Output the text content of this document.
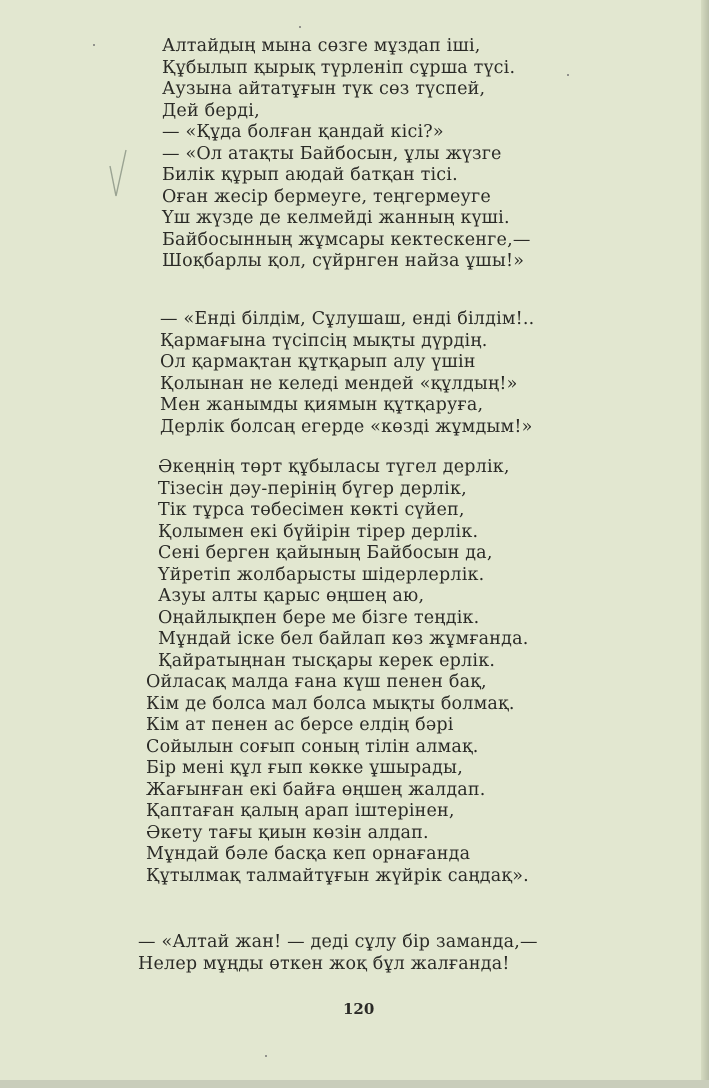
Алтайдың мына сөзге мұздап іші,
Құбылып қырық түрленіп сұрша түсі.
Аузына айтатұғын түк сөз түспей,
Дей берді,
— «Құда болған қандай кісі?»
— «Ол атақты Байбосын, ұлы жүзге
Билік құрып аюдай батқан тісі.
Оған жесір бермеуге, теңгермеуге
Үш жүзде де келмейді жанның күші.
Байбосынның жұмсары кектескенге,—
Шоқбарлы қол, сүйрнген найза ұшы!»
— «Енді білдім, Сұлушаш, енді білдім!..
Қармағына түсіпсің мықты дүрдің.
Ол қармақтан құтқарып алу үшін
Қолынан не келеді мендей «құлдың!»
Мен жанымды қиямын құтқаруға,
Дерлік болсаң егерде «көзді жұмдым!»
Әкеңнің төрт құбыласы түгел дерлік,
Тізесін дәу-перінің бүгер дерлік,
Тік тұрса төбесімен көкті сүйеп,
Қолымен екі бүйірін тірер дерлік.
Сені берген қайының Байбосын да,
Үйретіп жолбарысты шідерлерлік.
Азуы алты қарыс өңшең аю,
Оңайлықпен бере ме бізге теңдік.
Мұндай іске бел байлап көз жұмғанда.
Қайратыңнан тысқары керек ерлік.
Ойласақ малда ғана күш пенен бақ,
Кім де болса мал болса мықты болмақ.
Кім ат пенен ас берсе елдің бәрі
Сойылын соғып соның тілін алмақ.
Бір мені құл ғып көкке ұшырады,
Жағынған екі байға өңшең жалдап.
Қаптаған қалың арап іштерінен,
Әкету тағы қиын көзін алдап.
Мұндай бәле басқа кеп орнағанда
Құтылмақ талмайтұғын жүйрік саңдақ».
— «Алтай жан! — деді сұлу бір заманда,—
Нелер мұңды өткен жоқ бұл жалғанда!
120
